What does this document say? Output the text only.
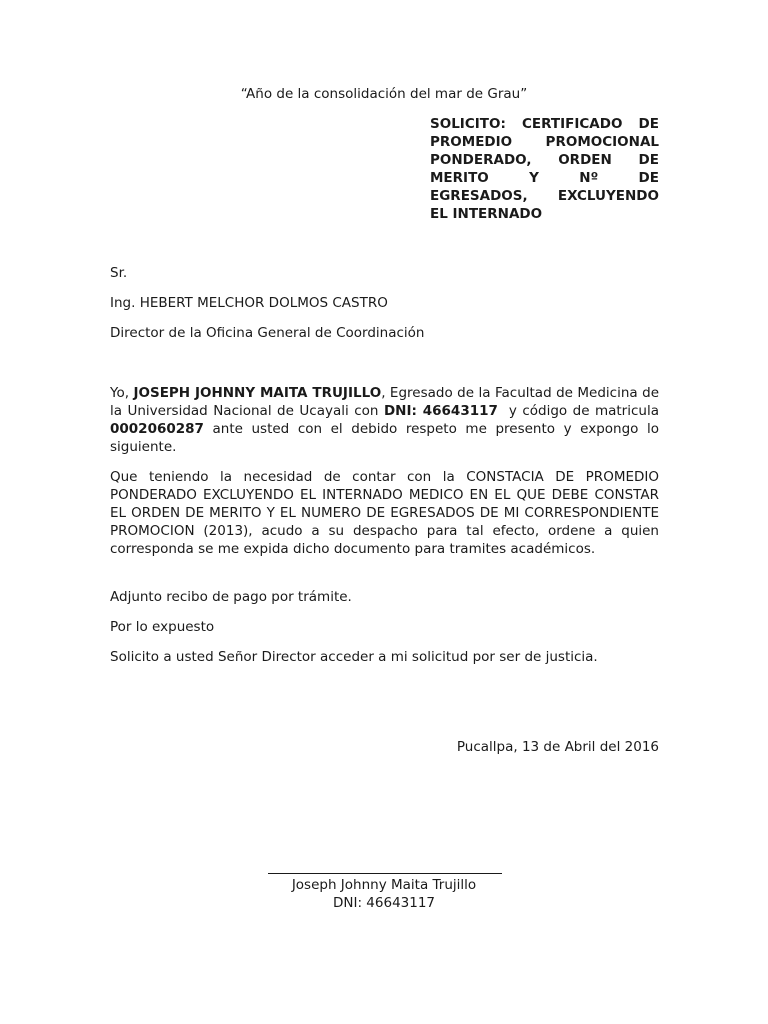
“Año de la consolidación del mar de Grau”
SOLICITO: CERTIFICADO DE
PROMEDIO PROMOCIONAL
PONDERADO, ORDEN DE
MERITO Y Nº DE
EGRESADOS, EXCLUYENDO
EL INTERNADO
Sr.
Ing. HEBERT MELCHOR DOLMOS CASTRO
Director de la Oficina General de Coordinación
Yo, JOSEPH JOHNNY MAITA TRUJILLO, Egresado de la Facultad de Medicina de la Universidad Nacional de Ucayali con DNI: 46643117  y código de matricula 0002060287 ante usted con el debido respeto me presento y expongo lo siguiente.
Que teniendo la necesidad de contar con la CONSTACIA DE PROMEDIO PONDERADO EXCLUYENDO EL INTERNADO MEDICO EN EL QUE DEBE CONSTAR EL ORDEN DE MERITO Y EL NUMERO DE EGRESADOS DE MI CORRESPONDIENTE PROMOCION (2013), acudo a su despacho para tal efecto, ordene a quien corresponda se me expida dicho documento para tramites académicos.
Adjunto recibo de pago por trámite.
Por lo expuesto
Solicito a usted Señor Director acceder a mi solicitud por ser de justicia.
Pucallpa, 13 de Abril del 2016
Joseph Johnny Maita Trujillo
DNI: 46643117
